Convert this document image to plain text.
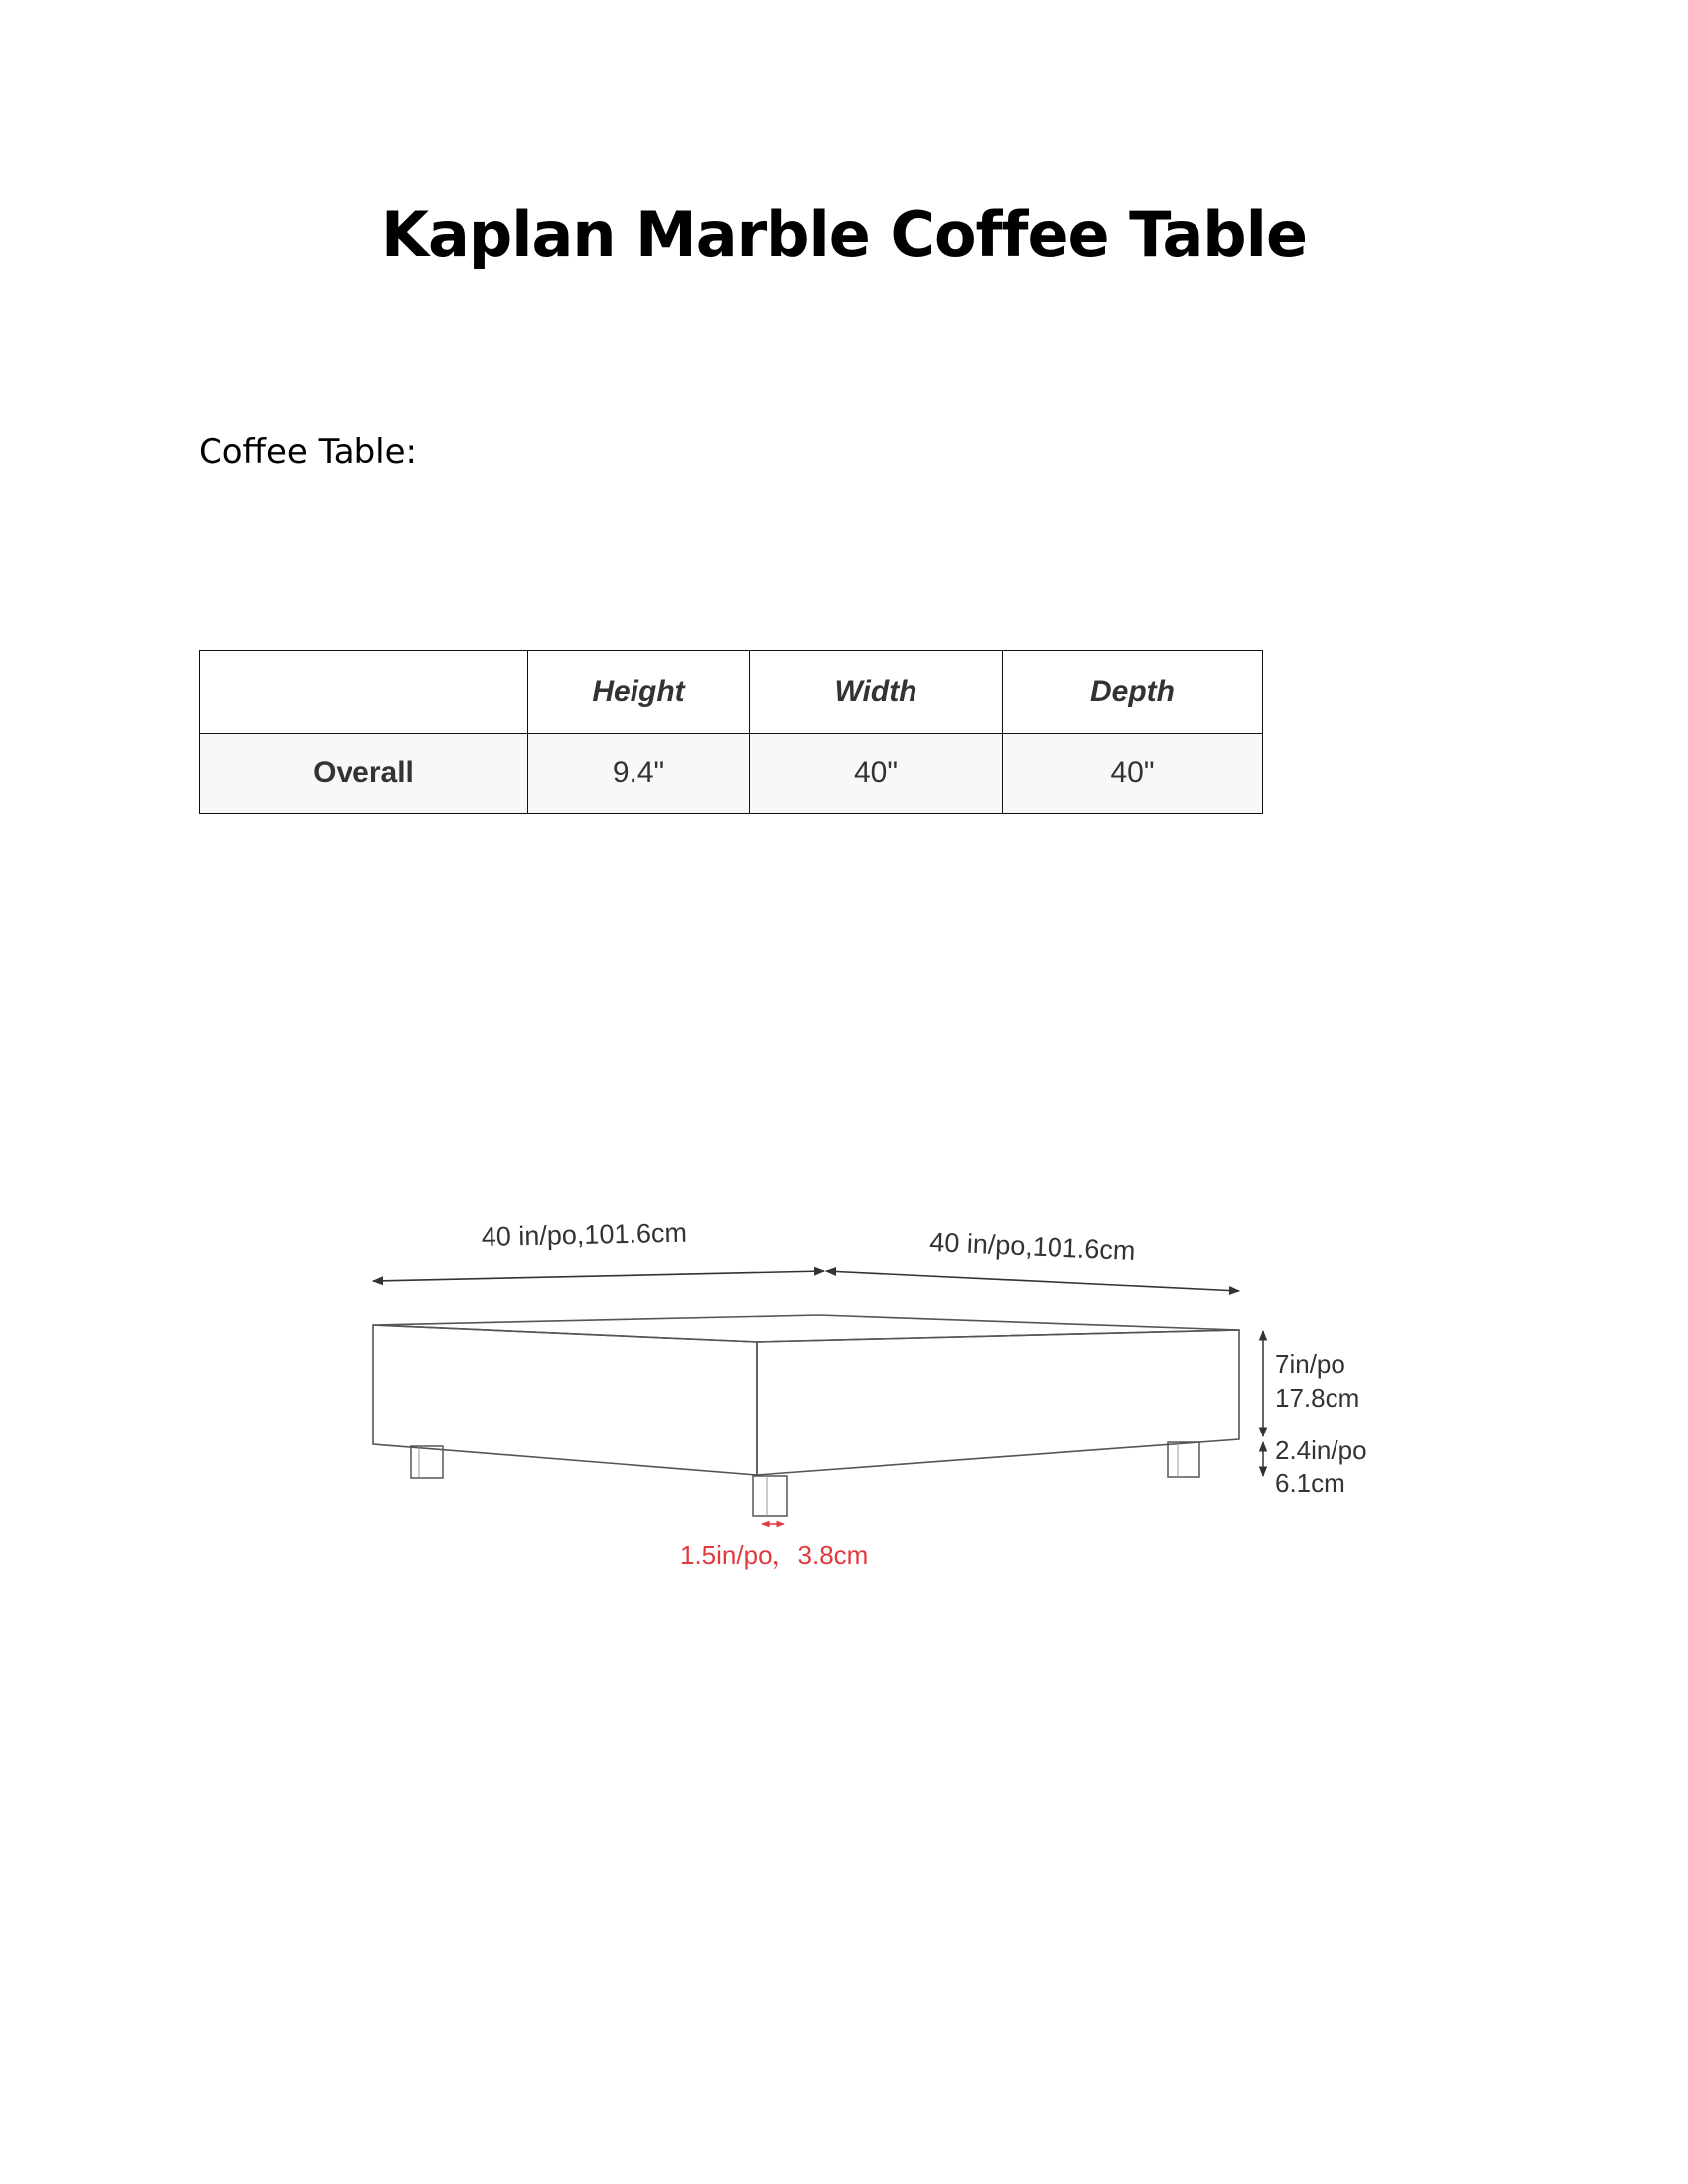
Kaplan Marble Coffee Table

Coffee Table:

	Height	Width	Depth
Overall	9.4"	40"	40"
40 in/po,101.6cm	40 in/po,101.6cm
7in/po
17.8cm
2.4in/po
6.1cm
1.5in/po，3.8cm
